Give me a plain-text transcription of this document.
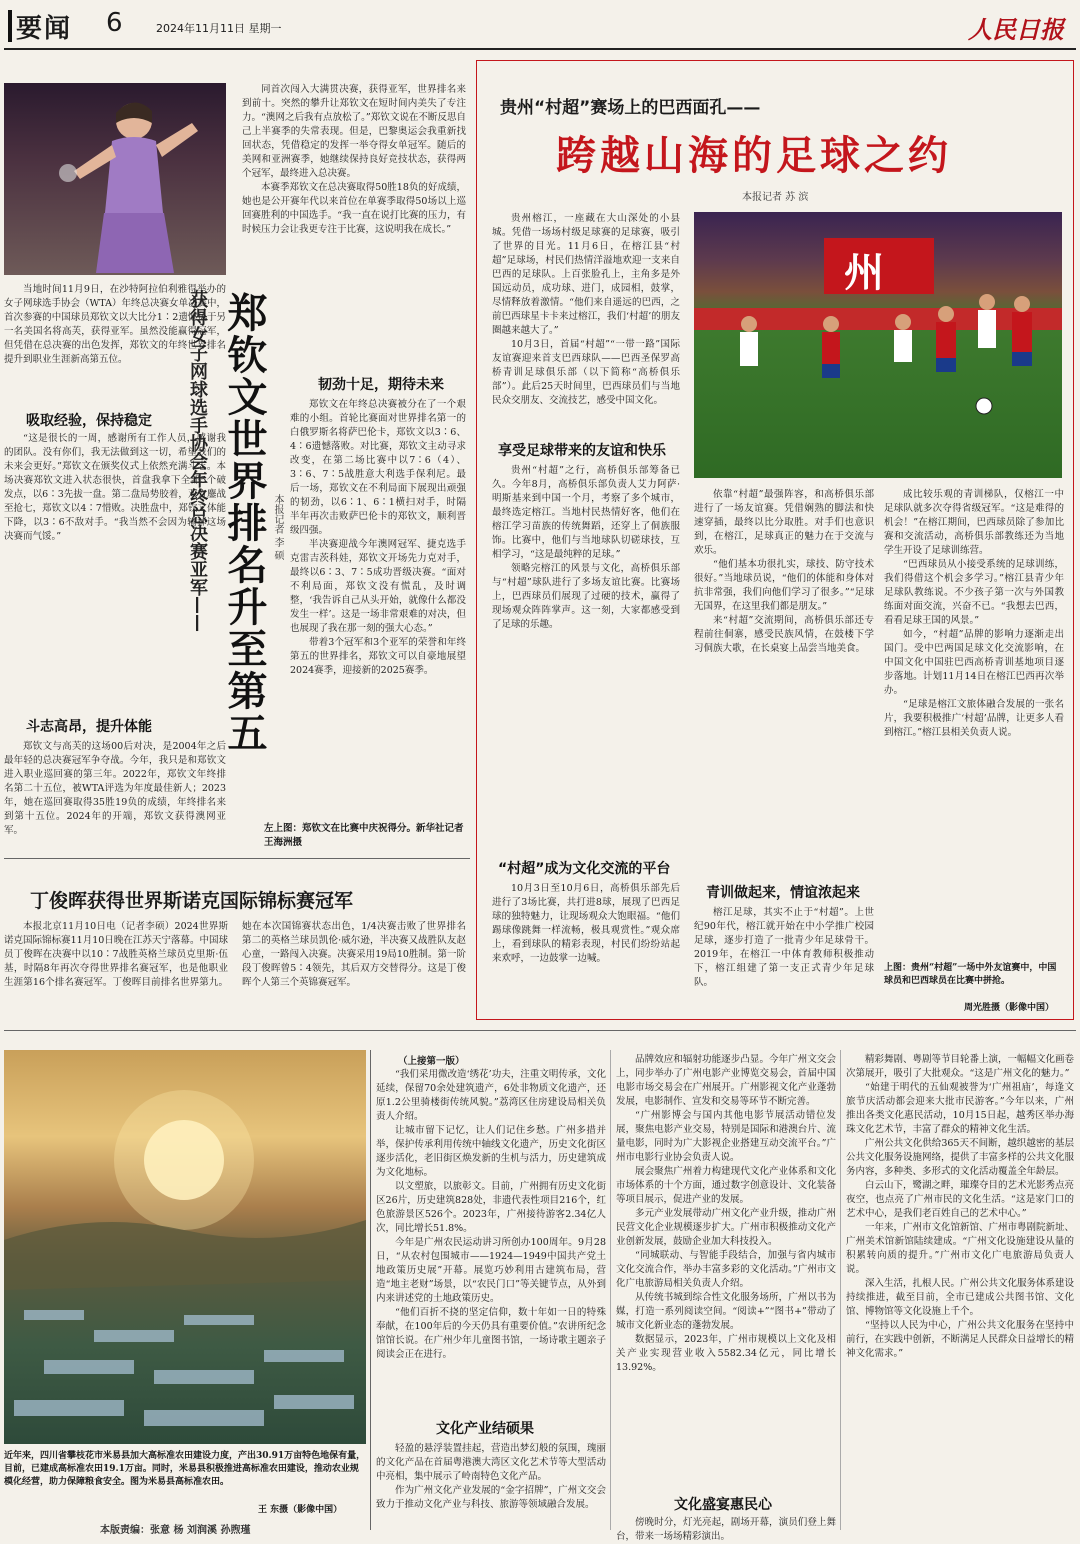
要闻 6	2024年11月11日 星期一	人民日报

当地时间11月9日，在沙特阿拉伯利雅得举办的女子网球选手协会（WTA）年终总决赛女单决赛中，首次参赛的中国球员郑钦文以大比分1∶2遗憾负于另一名美国名将高芙，获得亚军。虽然没能赢得冠军，但凭借在总决赛的出色发挥，郑钦文的年终世界排名提升到职业生涯新高第五位。

吸取经验，保持稳定

“这是很长的一周，感谢所有工作人员，感谢我的团队。没有你们，我无法做到这一切，希望我们的未来会更好。”郑钦文在颁奖仪式上依然充满斗志。本场决赛郑钦文进入状态很快，首盘我拿下全部5个破发点，以6∶3先拔一盘。第二盘局势胶着，双方鏖战至抢七，郑钦文以4∶7惜败。决胜盘中，郑钦文体能下降，以3∶6不敌对手。“我当然不会因为输掉这场决赛而气馁。”

斗志高昂，提升体能

郑钦文与高芙的这场00后对决，是2004年之后最年轻的总决赛冠军争夺战。今年，我只是和郑钦文进入职业巡回赛的第三年。2022年，郑钦文年终排名第二十五位，被WTA评选为年度最佳新人；2023年，她在巡回赛取得35胜19负的成绩，年终排名来到第十五位。2024年的开端，郑钦文获得澳网亚军。

郑钦文世界排名升至第五
获得女子网球选手协会年终总决赛亚军——	本报记者 李 硕

同首次闯入大满贯决赛，获得亚军，世界排名来到前十。突然的攀升让郑钦文在短时间内美失了专注力。“澳网之后我有点放松了。”郑钦文说在不断反思自己上半赛季的失常表现。但是，巴黎奥运会我重新找回状态，凭借稳定的发挥一举夺得女单冠军。随后的美网和亚洲赛季，她继续保持良好竞技状态，获得两个冠军，最终进入总决赛。

本赛季郑钦文在总决赛取得50胜18负的好成绩，她也是公开赛年代以来首位在单赛季取得50场以上巡回赛胜利的中国选手。“我一直在说打比赛的压力，有时候压力会让我更专注于比赛，这说明我在成长。”

韧劲十足，期待未来

郑钦文在年终总决赛被分在了一个艰难的小组。首轮比赛面对世界排名第一的白俄罗斯名将萨巴伦卡，郑钦文以3∶6、4∶6遗憾落败。对比赛，郑钦文主动寻求改变，在第二场比赛中以7∶6（4）、3∶6、7∶5战胜意大利选手保利尼。最后一场，郑钦文在不利局面下展现出顽强的韧劲，以6∶1、6∶1横扫对手，时隔半年再次击败萨巴伦卡的郑钦文，顺利晋级四强。

半决赛迎战今年澳网冠军、捷克选手克雷吉茨科娃，郑钦文开场先力克对手，最终以6∶3、7∶5成功晋级决赛。“面对不利局面，郑钦文没有慌乱，及时调整，‘我告诉自己从头开始，就像什么都没发生一样’。这是一场非常艰难的对决，但也展现了我在那一刻的强大心态。”

带着3个冠军和3个亚军的荣誉和年终第五的世界排名，郑钦文可以自豪地展望2024赛季，迎接新的2025赛季。

左上图：郑钦文在比赛中庆祝得分。新华社记者 王海洲摄
丁俊晖获得世界斯诺克国际锦标赛冠军

本报北京11月10日电（记者李硕）2024世界斯诺克国际锦标赛11月10日晚在江苏天宁落幕。中国球员丁俊晖在决赛中以10∶7战胜英格兰球员克里斯·伍基，时隔8年再次夺得世界排名赛冠军，也是他职业生涯第16个排名赛冠军。丁俊晖目前排名世界第九。她在本次国锦赛状态出色，1/4决赛击败了世界排名第二的英格兰球员凯伦·威尔逊，半决赛又战胜队友赵心童，一路闯入决赛。决赛采用19局10胜制。第一阶段丁俊晖曾5∶4领先，其后双方交替得分。这是丁俊晖个人第三个英锦赛冠军。

贵州“村超”赛场上的巴西面孔——
跨越山海的足球之约
本报记者 苏 滨

贵州榕江，一座藏在大山深处的小县城。凭借一场场村级足球赛的足球赛，吸引了世界的目光。11月6日，在榕江县“村超”足球场，村民们热情洋溢地欢迎一支来自巴西的足球队。上百张脸孔上，主角多是外国远动员，成功球、进门，成园相，鼓掌，尽情释放着激情。“他们来自遥远的巴西，之前巴西球星卡卡来过榕江，我们‘村超’的朋友圈越来越大了。”

10月3日，首届“村超”“一带一路”国际友谊赛迎来首支巴西球队——巴西圣保罗高桥青训足球俱乐部（以下简称“高桥俱乐部”）。此后25天时间里，巴西球员们与当地民众交朋友、交流技艺，感受中国文化。

州
享受足球带来的友谊和快乐

贵州“村超”之行，高桥俱乐部筹备已久。今年8月，高桥俱乐部负责人艾力阿萨·明斯基来到中国一个月，考察了多个城市，最终选定榕江。当地村民热情好客，他们在榕江学习苗族的传统舞蹈，还穿上了侗族服饰。比赛中，他们与当地球队切磋球技，互相学习，“这是最纯粹的足球。”

领略完榕江的风景与文化，高桥俱乐部与“村超”球队进行了多场友谊比赛。比赛场上，巴西球员们展现了过硬的技术，赢得了现场观众阵阵掌声。这一刻，大家都感受到了足球的乐趣。

“村超”成为文化交流的平台

10月3日至10月6日，高桥俱乐部先后进行了3场比赛，共打进8球，展现了巴西足球的独特魅力，让现场观众大饱眼福。“他们踢球像跳舞一样流畅，极具观赏性。”观众席上，看到球队的精彩表现，村民们纷纷站起来欢呼，一边鼓掌一边喊。

依靠“村超”最强阵容，和高桥俱乐部进行了一场友谊赛。凭借娴熟的脚法和快速穿插，最终以比分取胜。对手们也意识到，在榕江，足球真正的魅力在于交流与欢乐。

“他们基本功很扎实，球技、防守技术很好。”当地球员说，“他们的体能和身体对抗非常强，我们向他们学习了很多。”“足球无国界，在这里我们都是朋友。”

来“村超”交流期间，高桥俱乐部还专程前往侗寨，感受民族风情，在鼓楼下学习侗族大歌，在长桌宴上品尝当地美食。

青训做起来，情谊浓起来

榕江足球，其实不止于“村超”。上世纪90年代，榕江就开始在中小学推广校园足球，逐步打造了一批青少年足球骨干。2019年，在榕江一中体育教师积极推动下，榕江组建了第一支正式青少年足球队。

成比较乐观的青训梯队，仅榕江一中足球队就多次夺得省级冠军。“这是难得的机会！”在榕江期间，巴西球员除了参加比赛和交流活动，高桥俱乐部教练还为当地学生开设了足球训练营。

“巴西球员从小接受系统的足球训练，我们得借这个机会多学习。”榕江县青少年足球队教练说。不少孩子第一次与外国教练面对面交流，兴奋不已。“我想去巴西，看看足球王国的风景。”

如今，“村超”品牌的影响力逐渐走出国门。受中巴两国足球文化交流影响，在中国文化中国驻巴西高桥青训基地项目逐步落地。计划11月14日在榕江巴西再次举办。

“足球是榕江文旅体融合发展的一张名片，我要积极推广‘村超’品牌，让更多人看到榕江。”榕江县相关负责人说。

上图：贵州“村超”一场中外友谊赛中，中国球员和巴西球员在比赛中拼抢。
周光胜摄（影像中国）
近年来，四川省攀枝花市米易县加大高标准农田建设力度，产出30.91万亩特色地保有量，目前，已建成高标准农田19.1万亩。同时，米易县积极推进高标准农田建设，推动农业规模化经营，助力保障粮食安全。图为米易县高标准农田。
王 东摄（影像中国）
本版责编：张意 杨 刘润溪 孙煦瑾
（上接第一版）

“我们采用微改造‘绣花’功夫，注重文明传承，文化延续，保留70余处建筑遗产，6处非物质文化遗产，还原1.2公里骑楼街传统风貌。”荔湾区住房建设局相关负责人介绍。

让城市留下记忆，让人们记住乡愁。广州多措并举，保护传承利用传统中轴线文化遗产，历史文化街区逐步活化，老旧街区焕发新的生机与活力，历史建筑成为文化地标。

以文塑旅，以旅彰文。目前，广州拥有历史文化街区26片，历史建筑828处，非遗代表性项目216个，红色旅游景区526个。2023年，广州接待游客2.34亿人次，同比增长51.8%。

今年是广州农民运动讲习所创办100周年。9月28日，“从农村包围城市——1924—1949中国共产党土地政策历史展”开幕。展览巧妙利用古建筑布局，营造“地主老财”场景，以“农民门口”等关键节点，从外到内来讲述党的土地政策历史。

“他们百折不挠的坚定信仰，数十年如一日的特殊奉献，在100年后的今天仍具有重要价值。”农讲所纪念馆馆长说。在广州少年儿童图书馆，一场诗歌主题亲子阅读会正在进行。

文化产业结硕果

轻盈的悬浮装置挂起，营造出梦幻般的氛围，瑰丽的文化产品在首届粤港澳大湾区文化艺术节等大型活动中亮相，集中展示了岭南特色文化产品。

作为广州文化产业发展的“金字招牌”，广州文交会致力于推动文化产业与科技、旅游等领域融合发展。

品牌效应和辐射功能逐步凸显。今年广州文交会上，同步举办了广州电影产业博览交易会，首届中国电影市场交易会在广州展开。广州影视文化产业蓬勃发展，电影制作、宣发和交易等环节不断完善。

“广州影博会与国内其他电影节展活动错位发展，聚焦电影产业交易，特别是国际和港澳台片、流量电影，同时为广大影视企业搭建互动交流平台。”广州市电影行业协会负责人说。

展会聚焦广州着力构建现代文化产业体系和文化市场体系的十个方面，通过数字创意设计、文化装备等项目展示，促进产业的发展。

多元产业发展带动广州文化产业升级，推动广州民营文化企业规模逐步扩大。广州市积极推动文化产业创新发展，鼓励企业加大科技投入。

“同城联动、与智能手段结合，加强与省内城市文化交流合作，举办丰富多彩的文化活动。”广州市文化广电旅游局相关负责人介绍。

从传统书城到综合性文化服务场所，广州以书为媒，打造一系列阅读空间。“阅读+”“图书+”带动了城市文化新业态的蓬勃发展。

数据显示，2023年，广州市规模以上文化及相关产业实现营业收入5582.34亿元，同比增长13.92%。

文化盛宴惠民心

傍晚时分，灯光亮起，剧场开幕，演员们登上舞台，带来一场场精彩演出。

精彩舞剧、粤剧等节目轮番上演，一幅幅文化画卷次第展开，吸引了大批观众。“这是广州文化的魅力。”

“始建于明代的五仙观被誉为‘广州祖庙’，每逢文旅节庆活动都会迎来大批市民游客。”今年以来，广州推出各类文化惠民活动，10月15日起，越秀区举办海珠文化艺术节，丰富了群众的精神文化生活。

广州公共文化供给365天不间断，越织越密的基层公共文化服务设施网络，提供了丰富多样的公共文化服务内容，多种类、多形式的文化活动覆盖全年龄层。

白云山下，鹭湖之畔，璀璨夺目的艺术光影秀点亮夜空，也点亮了广州市民的文化生活。“这是家门口的艺术中心，是我们老百姓自己的艺术中心。”

一年来，广州市文化馆新馆、广州市粤剧院新址、广州美术馆新馆陆续建成。“广州文化设施建设从量的积累转向质的提升。”广州市文化广电旅游局负责人说。

深入生活，扎根人民。广州公共文化服务体系建设持续推进，截至目前，全市已建成公共图书馆、文化馆、博物馆等文化设施上千个。

“坚持以人民为中心，广州公共文化服务在坚持中前行，在实践中创新，不断满足人民群众日益增长的精神文化需求。”
